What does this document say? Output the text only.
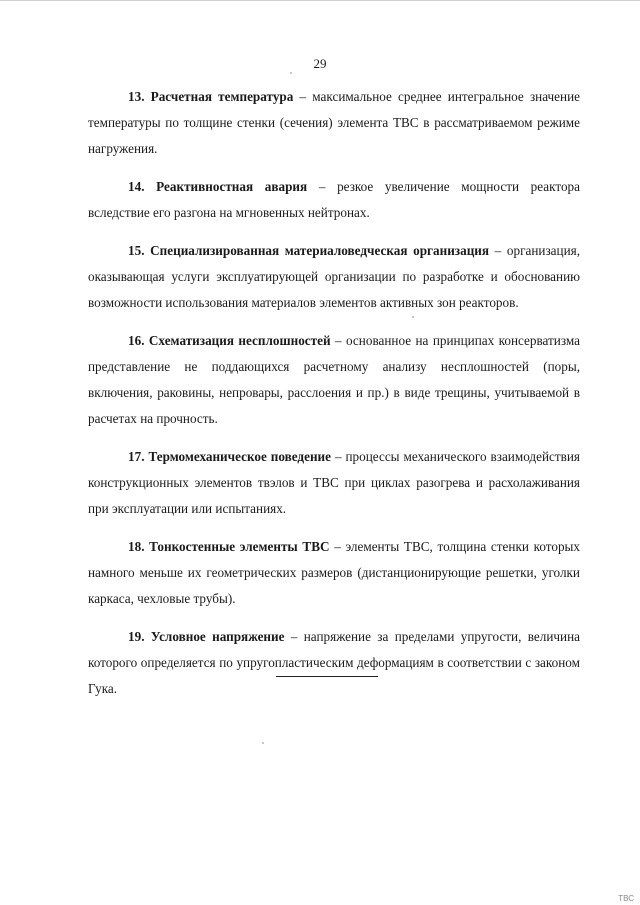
29

13. Расчетная температура – максимальное среднее интегральное значение температуры по толщине стенки (сечения) элемента ТВС в рассматриваемом режиме нагружения.

14. Реактивностная авария – резкое увеличение мощности реактора вследствие его разгона на мгновенных нейтронах.

15. Специализированная материаловедческая организация – организация, оказывающая услуги эксплуатирующей организации по разработке и обоснованию возможности использования материалов элементов активных зон реакторов.

16. Схематизация несплошностей – основанное на принципах консерватизма представление не поддающихся расчетному анализу несплошностей (поры, включения, раковины, непровары, расслоения и пр.) в виде трещины, учитываемой в расчетах на прочность.

17. Термомеханическое поведение – процессы механического взаимодействия конструкционных элементов твэлов и ТВС при циклах разогрева и расхолаживания при эксплуатации или испытаниях.

18. Тонкостенные элементы ТВС – элементы ТВС, толщина стенки которых намного меньше их геометрических размеров (дистанционирующие решетки, уголки каркаса, чехловые трубы).

19. Условное напряжение – напряжение за пределами упругости, величина которого определяется по упругопластическим деформациям в соответствии с законом Гука.

ТВС
